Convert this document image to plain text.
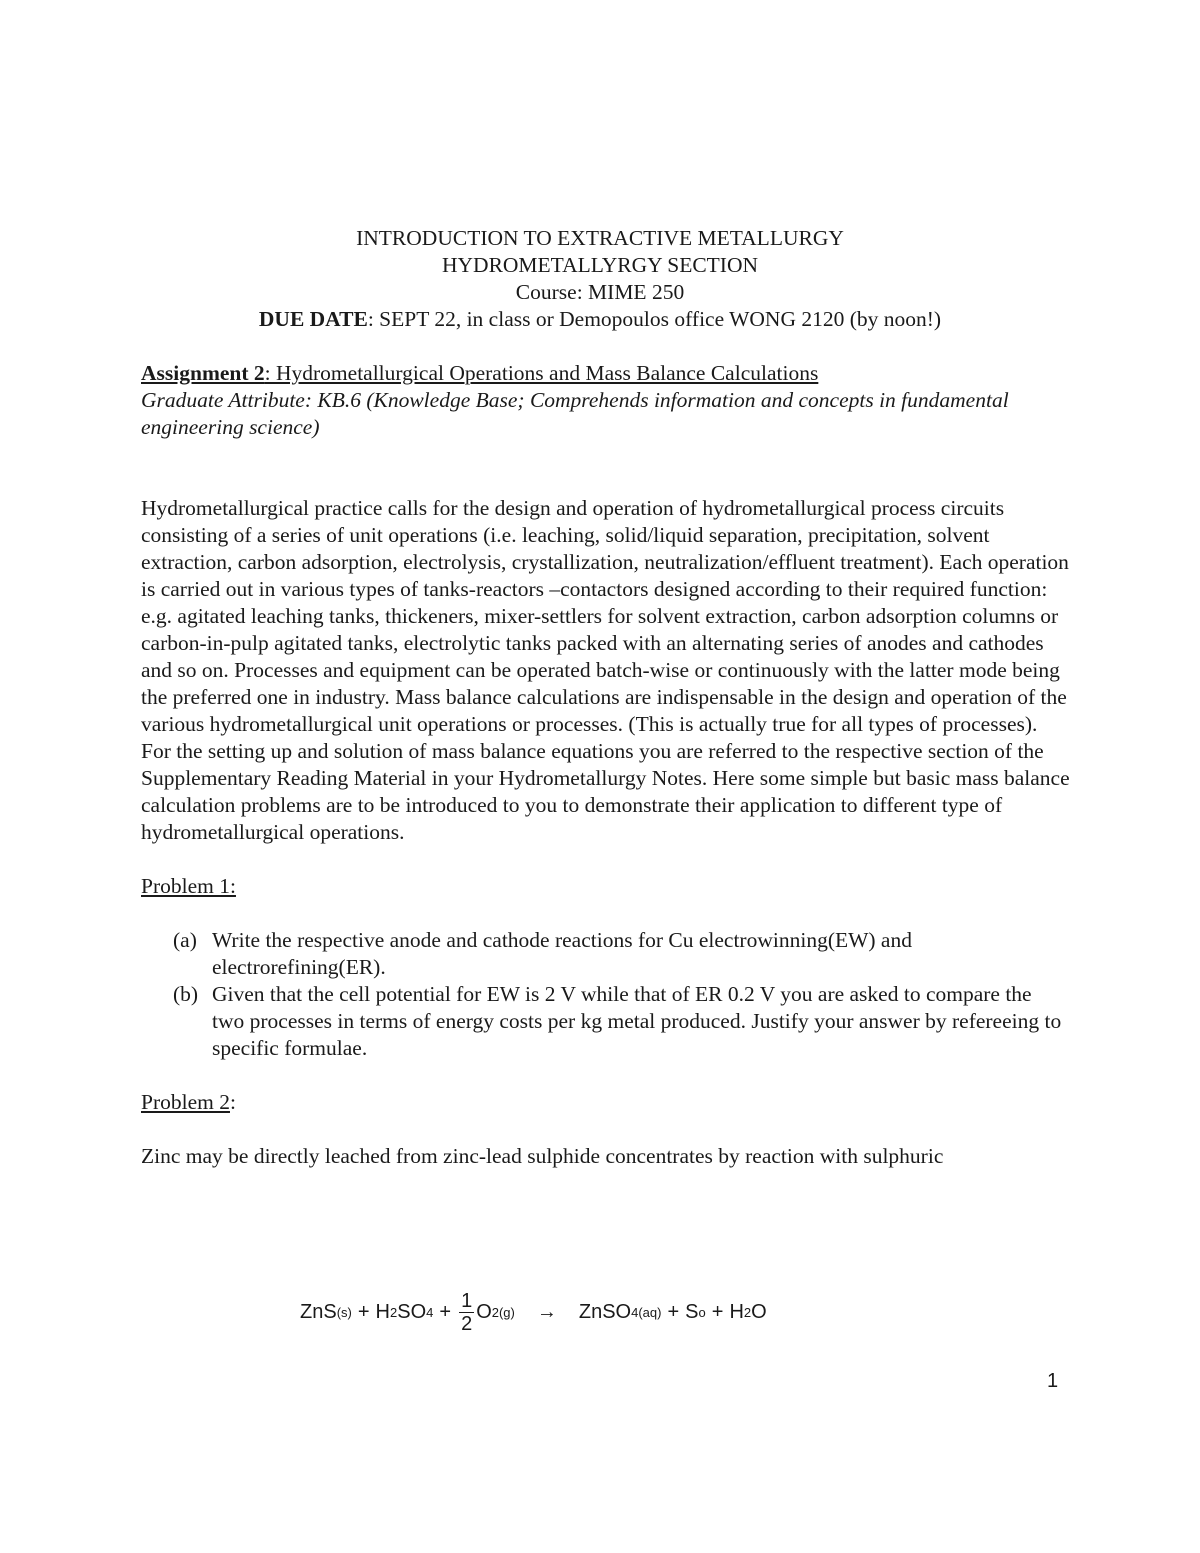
INTRODUCTION TO EXTRACTIVE METALLURGY

HYDROMETALLYRGY SECTION

Course: MIME 250

DUE DATE: SEPT 22, in class or Demopoulos office WONG 2120 (by noon!)

Assignment 2: Hydrometallurgical Operations and Mass Balance Calculations

Graduate Attribute: KB.6 (Knowledge Base; Comprehends information and concepts in fundamental engineering science)

Hydrometallurgical practice calls for the design and operation of hydrometallurgical process circuits consisting of a series of unit operations (i.e. leaching, solid/liquid separation, precipitation, solvent extraction, carbon adsorption, electrolysis, crystallization, neutralization/effluent treatment). Each operation is carried out in various types of tanks-reactors –contactors designed according to their required function: e.g. agitated leaching tanks, thickeners, mixer-settlers for solvent extraction, carbon adsorption columns or carbon-in-pulp agitated tanks, electrolytic tanks packed with an alternating series of anodes and cathodes and so on. Processes and equipment can be operated batch-wise or continuously with the latter mode being the preferred one in industry. Mass balance calculations are indispensable in the design and operation of the various hydrometallurgical unit operations or processes. (This is actually true for all types of processes). For the setting up and solution of mass balance equations you are referred to the respective section of the Supplementary Reading Material in your Hydrometallurgy Notes. Here some simple but basic mass balance calculation problems are to be introduced to you to demonstrate their application to different type of hydrometallurgical operations.

Problem 1:

(a) Write the respective anode and cathode reactions for Cu electrowinning(EW) and electrorefining(ER).
(b) Given that the cell potential for EW is 2 V while that of ER 0.2 V you are asked to compare the two processes in terms of energy costs per kg metal produced. Justify your answer by refereeing to specific formulae.

Problem 2:

Zinc may be directly leached from zinc-lead sulphide concentrates by reaction with sulphuric

ZnS (s) + H 2 SO $4 + \frac{1}{2}$ O 2(g) → ZnSO 4(aq) + S o + H 2 O
1
